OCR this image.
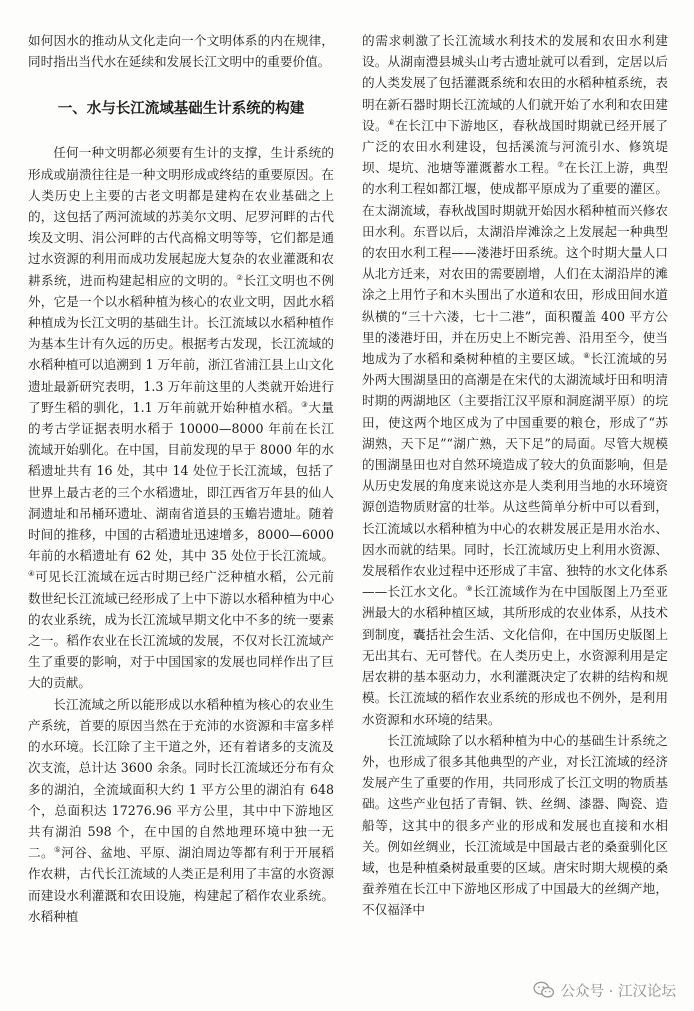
如何因水的推动从文化走向一个文明体系的内在规律，同时指出当代水在延续和发展长江文明中的重要价值。

一、水与长江流域基础生计系统的构建

任何一种文明都必须要有生计的支撑，生计系统的形成或崩溃往往是一种文明形成或终结的重要原因。在人类历史上主要的古老文明都是建构在农业基础之上的，这包括了两河流域的苏美尔文明、尼罗河畔的古代埃及文明、涓公河畔的古代高棉文明等等，它们都是通过水资源的利用而成功发展起庞大复杂的农业灌溉和农耕系统，进而构建起相应的文明的。②长江文明也不例外，它是一个以水稻种植为核心的农业文明，因此水稻种植成为长江文明的基础生计。长江流域以水稻种植作为基本生计有久远的历史。根据考古发现，长江流域的水稻种植可以追溯到 1 万年前，浙江省浦江县上山文化遗址最新研究表明，1.3 万年前这里的人类就开始进行了野生稻的驯化，1.1 万年前就开始种植水稻。③大量的考古学证据表明水稻于 10000—8000 年前在长江流域开始驯化。在中国，目前发现的早于 8000 年的水稻遗址共有 16 处，其中 14 处位于长江流域，包括了世界上最古老的三个水稻遗址，即江西省万年县的仙人洞遗址和吊桶环遗址、湖南省道县的玉蟾岩遗址。随着时间的推移，中国的古稻遗址迅速增多，8000—6000 年前的水稻遗址有 62 处，其中 35 处位于长江流域。④可见长江流域在远古时期已经广泛种植水稻，公元前数世纪长江流域已经形成了上中下游以水稻种植为中心的农业系统，成为长江流域早期文化中不多的统一要素之一。稻作农业在长江流域的发展，不仅对长江流域产生了重要的影响，对于中国国家的发展也同样作出了巨大的贡献。

长江流域之所以能形成以水稻种植为核心的农业生产系统，首要的原因当然在于充沛的水资源和丰富多样的水环境。长江除了主干道之外，还有着诸多的支流及次支流，总计达 3600 余条。同时长江流域还分布有众多的湖泊，全流域面积大约 1 平方公里的湖泊有 648 个，总面积达 17276.96 平方公里，其中中下游地区共有湖泊 598 个，在中国的自然地理环境中独一无二。⑤河谷、盆地、平原、湖泊周边等都有利于开展稻作农耕，古代长江流域的人类正是利用了丰富的水资源而建设水利灌溉和农田设施，构建起了稻作农业系统。水稻种植

的需求刺激了长江流域水利技术的发展和农田水利建设。从湖南澧县城头山考古遗址就可以看到，定居以后的人类发展了包括灌溉系统和农田的水稻种植系统，表明在新石器时期长江流域的人们就开始了水利和农田建设。⑥在长江中下游地区，春秋战国时期就已经开展了广泛的农田水利建设，包括溪流与河流引水、修筑堤坝、堤坑、池塘等灌溉蓄水工程。⑦在长江上游，典型的水利工程如都江堰，使成都平原成为了重要的灌区。在太湖流域，春秋战国时期就开始因水稻种植而兴修农田水利。东晋以后，太湖沿岸滩涂之上发展起一种典型的农田水利工程——溇港圩田系统。这个时期大量人口从北方迁来，对农田的需要剧增，人们在太湖沿岸的滩涂之上用竹子和木头围出了水道和农田，形成田间水道纵横的“三十六溇，七十二港”，面积覆盖 400 平方公里的溇港圩田，并在历史上不断完善、沿用至今，使当地成为了水稻和桑树种植的主要区域。⑧长江流域的另外两大围湖垦田的高潮是在宋代的太湖流域圩田和明清时期的两湖地区（主要指江汉平原和洞庭湖平原）的垸田，使这两个地区成为了中国重要的粮仓，形成了“苏湖熟，天下足”“湖广熟，天下足”的局面。尽管大规模的围湖垦田也对自然环境造成了较大的负面影响，但是从历史发展的角度来说这亦是人类利用当地的水环境资源创造物质财富的壮举。从这些简单分析中可以看到，长江流域以水稻种植为中心的农耕发展正是用水治水、因水而就的结果。同时，长江流域历史上利用水资源、发展稻作农业过程中还形成了丰富、独特的水文化体系——长江水文化。⑨长江流域作为在中国版图上乃至亚洲最大的水稻种植区域，其所形成的农业体系，从技术到制度，囊括社会生活、文化信仰，在中国历史版图上无出其右、无可替代。在人类历史上，水资源利用是定居农耕的基本驱动力，水利灌溉决定了农耕的结构和规模。长江流域的稻作农业系统的形成也不例外，是利用水资源和水环境的结果。

长江流域除了以水稻种植为中心的基础生计系统之外，也形成了很多其他典型的产业，对长江流域的经济发展产生了重要的作用，共同形成了长江文明的物质基础。这些产业包括了青铜、铁、丝绸、漆器、陶瓷、造船等，这其中的很多产业的形成和发展也直接和水相关。例如丝绸业，长江流域是中国最古老的桑蚕驯化区域，也是种植桑树最重要的区域。唐宋时期大规模的桑蚕养殖在长江中下游地区形成了中国最大的丝绸产地，不仅福泽中

公众号 · 江汉论坛
